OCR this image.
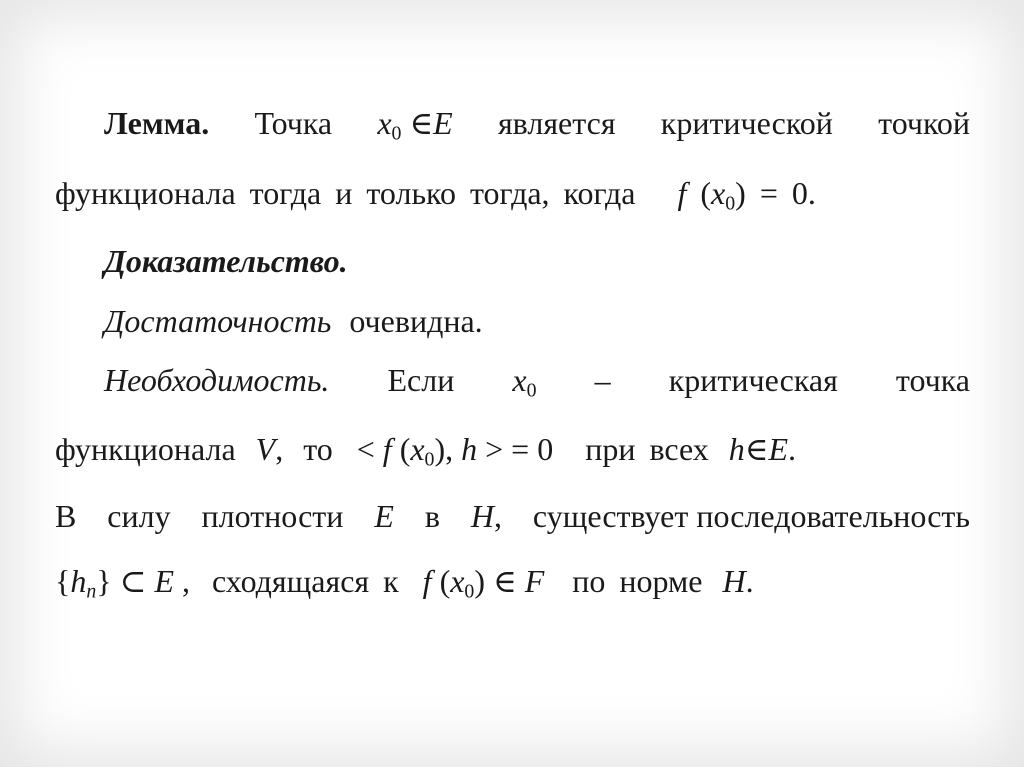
Лемма. Точка $x_0$ ∈E является критической точкой
функционала тогда и только тогда, когда f $(x_0) = 0$.
Доказательство.
Достаточность очевидна.
Необходимость. Если $x_0$ – критическая точка
функционала V, то < f $(x_0)$, h > = 0 при всех h∈E.
В силу плотности E в H, существует последовательность
$\{h_n\}$ ⊂ E , сходящаяся к f $(x_0)$ ∈ F по норме H.
